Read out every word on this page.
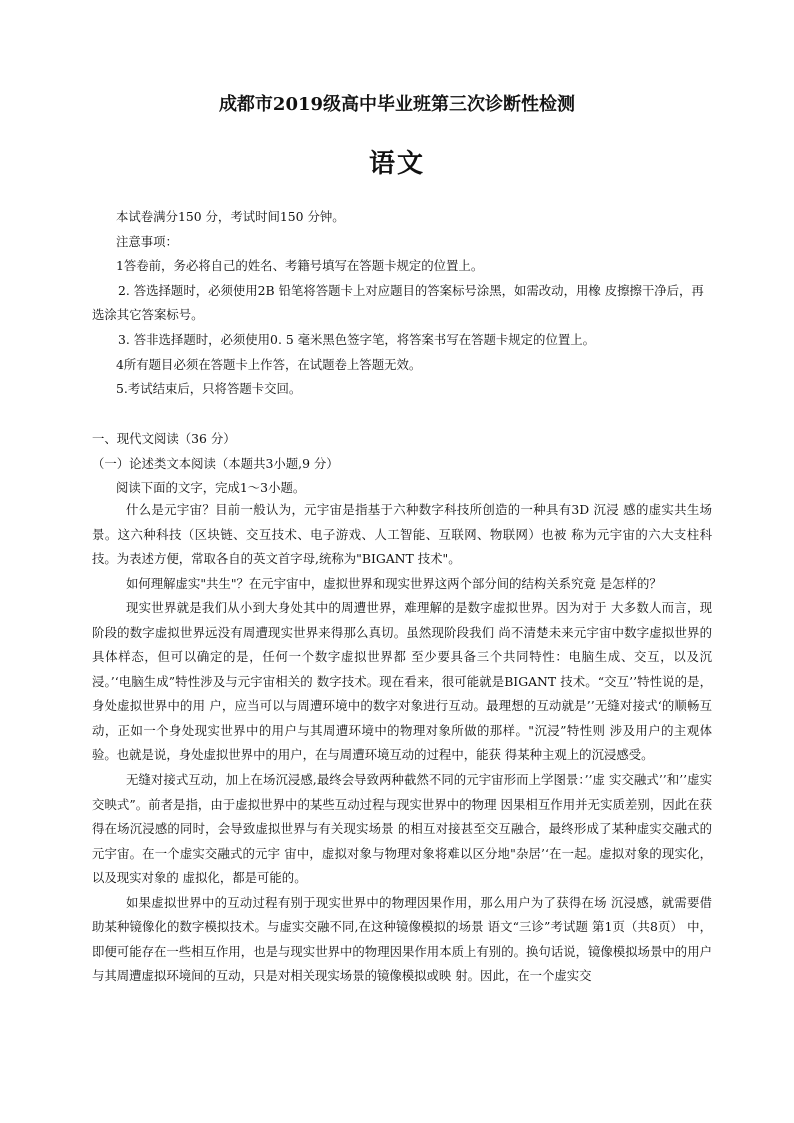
成都市2019级高中毕业班第三次诊断性检测
语文

本试卷满分150 分，考试时间150 分钟。

注意事项：

1答卷前，务必将自己的姓名、考籍号填写在答题卡规定的位置上。

2. 答选择题时，必须使用2B 铅笔将答题卡上对应题目的答案标号涂黑，如需改动，用橡 皮擦擦干净后，再选涂其它答案标号。

3. 答非选择题时，必须使用0. 5 毫米黑色签字笔，将答案书写在答题卡规定的位置上。

4所有题目必须在答题卡上作答，在试题卷上答题无效。

5.考试结束后，只将答题卡交回。

一、现代文阅读（36 分）

（一）论述类文本阅读（本题共3小题,9 分）

阅读下面的文字，完成1～3小题。

什么是元宇宙？目前一般认为，元宇宙是指基于六种数字科技所创造的一种具有3D 沉浸 感的虚实共生场景。这六种科技（区块链、交互技术、电子游戏、人工智能、互联网、物联网）也被 称为元宇宙的六大支柱科技。为表述方便，常取各自的英文首字母,统称为"BIGANT 技术"。

如何理解虚实"共生"？在元宇宙中，虚拟世界和现实世界这两个部分间的结构关系究竟 是怎样的？

现实世界就是我们从小到大身处其中的周遭世界，难理解的是数字虚拟世界。因为对于 大多数人而言，现阶段的数字虚拟世界远没有周遭现实世界来得那么真切。虽然现阶段我们 尚不清楚未来元宇宙中数字虚拟世界的具体样态，但可以确定的是，任何一个数字虚拟世界都 至少要具备三个共同特性：电脑生成、交互，以及沉浸。’‘电脑生成”特性涉及与元宇宙相关的 数字技术。现在看来，很可能就是BIGANT 技术。“交互’’特性说的是，身处虚拟世界中的用 户，应当可以与周遭环境中的数字对象进行互动。最理想的互动就是’’无缝对接式‘的顺畅互 动，正如一个身处现实世界中的用户与其周遭环境中的物理对象所做的那样。"沉浸”特性则 涉及用户的主观体验。也就是说，身处虚拟世界中的用户，在与周遭环境互动的过程中，能获 得某种主观上的沉浸感受。

无缝对接式互动，加上在场沉浸感,最终会导致两种截然不同的元宇宙形而上学图景：’’虚 实交融式’’和’’虚实交映式”。前者是指，由于虚拟世界中的某些互动过程与现实世界中的物理 因果相互作用并无实质差别，因此在获得在场沉浸感的同时，会导致虚拟世界与有关现实场景 的相互对接甚至交互融合，最终形成了某种虚实交融式的元宇宙。在一个虚实交融式的元宇 宙中，虚拟对象与物理对象将难以区分地"杂居’‘在一起。虚拟对象的现实化，以及现实对象的 虚拟化，都是可能的。

如果虚拟世界中的互动过程有别于现实世界中的物理因果作用，那么用户为了获得在场 沉浸感，就需要借助某种镜像化的数字模拟技术。与虚实交融不同,在这种镜像模拟的场景 语文“三诊”考试题 第1页（共8页） 中，即便可能存在一些相互作用，也是与现实世界中的物理因果作用本质上有别的。换句话说，镜像模拟场景中的用户与其周遭虚拟环境间的互动，只是对相关现实场景的镜像模拟或映 射。因此，在一个虚实交
